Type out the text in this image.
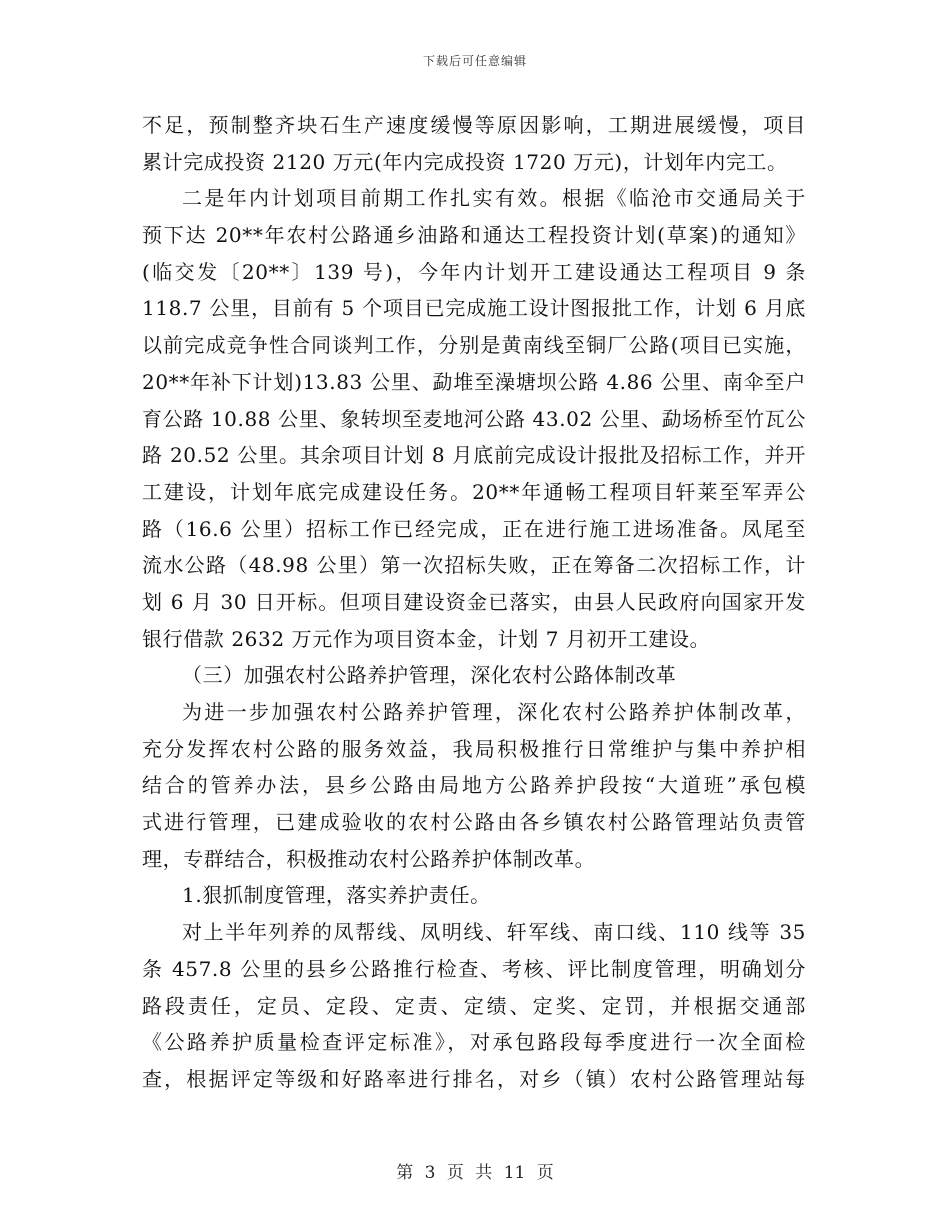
下载后可任意编辑
不足，预制整齐块石生产速度缓慢等原因影响，工期进展缓慢，项目
累计完成投资 2120 万元(年内完成投资 1720 万元)，计划年内完工。
二是年内计划项目前期工作扎实有效。根据《临沧市交通局关于
预下达 20**年农村公路通乡油路和通达工程投资计划(草案)的通知》
(临交发〔20**〕139 号)，今年内计划开工建设通达工程项目 9 条
118.7 公里，目前有 5 个项目已完成施工设计图报批工作，计划 6 月底
以前完成竞争性合同谈判工作，分别是黄南线至铜厂公路(项目已实施，
20**年补下计划)13.83 公里、勐堆至澡塘坝公路 4.86 公里、南伞至户
育公路 10.88 公里、象转坝至麦地河公路 43.02 公里、勐场桥至竹瓦公
路 20.52 公里。其余项目计划 8 月底前完成设计报批及招标工作，并开
工建设，计划年底完成建设任务。20**年通畅工程项目轩莱至军弄公
路（16.6 公里）招标工作已经完成，正在进行施工进场准备。凤尾至
流水公路（48.98 公里）第一次招标失败，正在筹备二次招标工作，计
划 6 月 30 日开标。但项目建设资金已落实，由县人民政府向国家开发
银行借款 2632 万元作为项目资本金，计划 7 月初开工建设。
（三）加强农村公路养护管理，深化农村公路体制改革
为进一步加强农村公路养护管理，深化农村公路养护体制改革，
充分发挥农村公路的服务效益，我局积极推行日常维护与集中养护相
结合的管养办法，县乡公路由局地方公路养护段按“大道班”承包模
式进行管理，已建成验收的农村公路由各乡镇农村公路管理站负责管
理，专群结合，积极推动农村公路养护体制改革。
1.狠抓制度管理，落实养护责任。
对上半年列养的凤帮线、凤明线、轩军线、南口线、110 线等 35
条 457.8 公里的县乡公路推行检查、考核、评比制度管理，明确划分
路段责任，定员、定段、定责、定绩、定奖、定罚，并根据交通部
《公路养护质量检查评定标准》，对承包路段每季度进行一次全面检
查，根据评定等级和好路率进行排名，对乡（镇）农村公路管理站每
第 3 页 共 11 页
